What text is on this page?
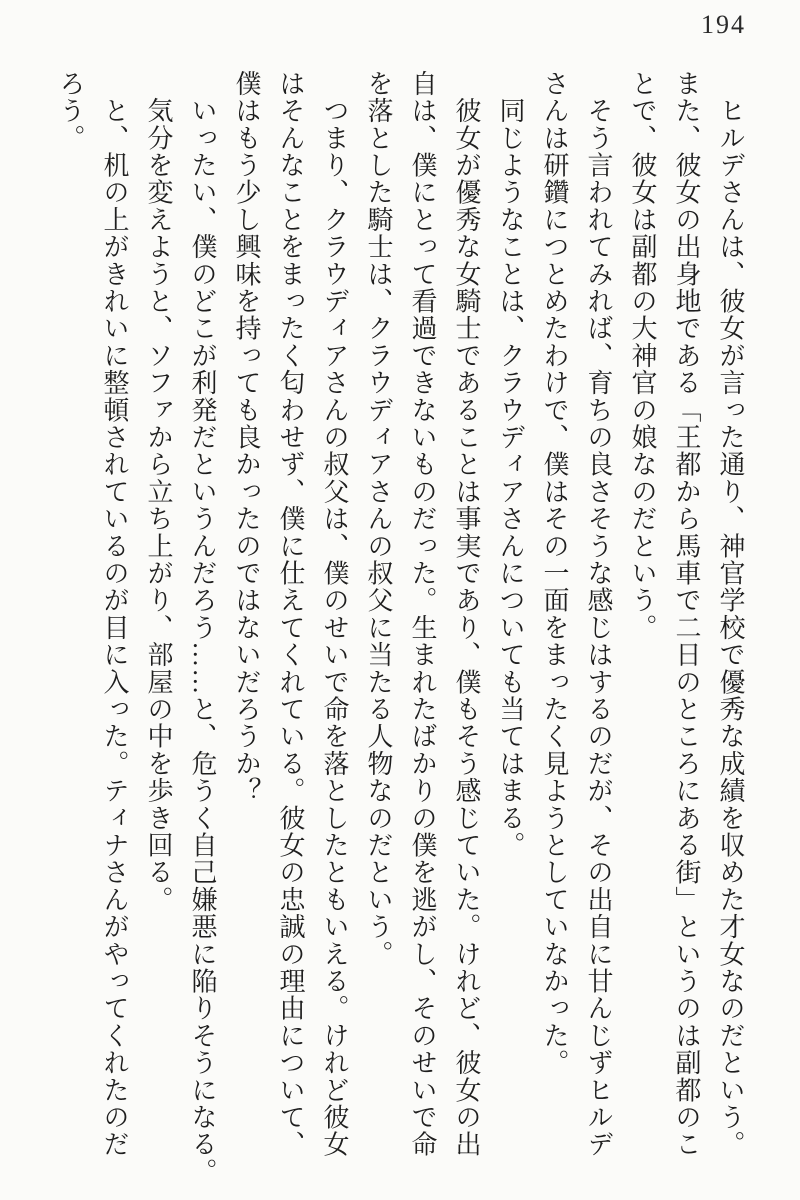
194
　ヒルデさんは、彼女が言った通り、神官学校で優秀な成績を収めた才女なのだという。
また、彼女の出身地である「王都から馬車で二日のところにある街」というのは副都のこ
とで、彼女は副都の大神官の娘なのだという。
　そう言われてみれば、育ちの良さそうな感じはするのだが、その出自に甘んじずヒルデ
さんは研鑽につとめたわけで、僕はその一面をまったく見ようとしていなかった。
　同じようなことは、クラウディアさんについても当てはまる。
　彼女が優秀な女騎士であることは事実であり、僕もそう感じていた。けれど、彼女の出
自は、僕にとって看過できないものだった。生まれたばかりの僕を逃がし、そのせいで命
を落とした騎士は、クラウディアさんの叔父に当たる人物なのだという。
　つまり、クラウディアさんの叔父は、僕のせいで命を落としたともいえる。けれど彼女
はそんなことをまったく匂わせず、僕に仕えてくれている。彼女の忠誠の理由について、
僕はもう少し興味を持っても良かったのではないだろうか？
　いったい、僕のどこが利発だというんだろう……と、危うく自己嫌悪に陥りそうになる。
　気分を変えようと、ソファから立ち上がり、部屋の中を歩き回る。
　と、机の上がきれいに整頓されているのが目に入った。ティナさんがやってくれたのだ
ろう。
